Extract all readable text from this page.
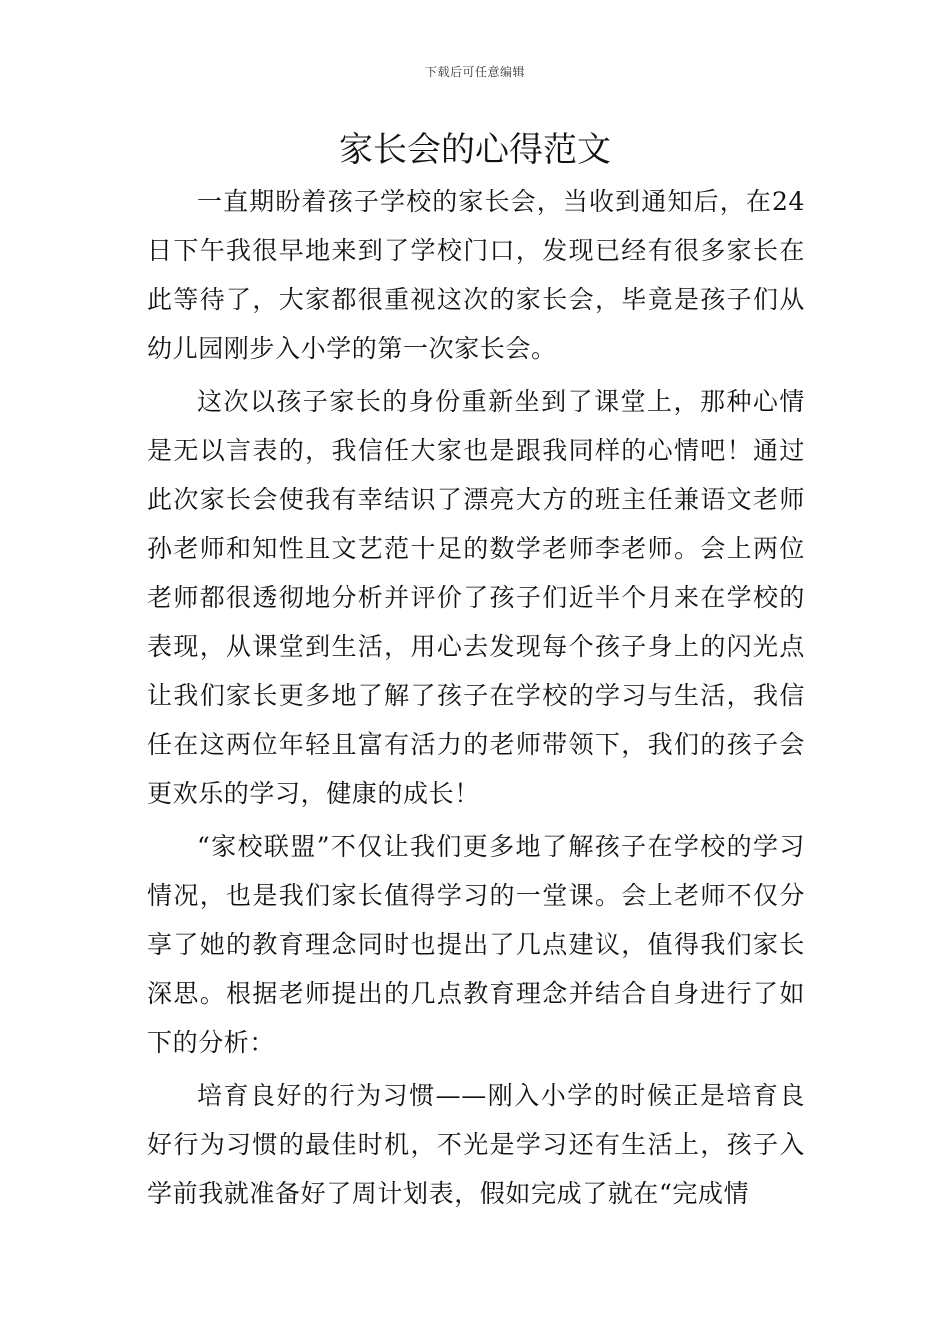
下载后可任意编辑
家长会的心得范文

一直期盼着孩子学校的家长会，当收到通知后，在24日下午我很早地来到了学校门口，发现已经有很多家长在此等待了，大家都很重视这次的家长会，毕竟是孩子们从幼儿园刚步入小学的第一次家长会。

这次以孩子家长的身份重新坐到了课堂上，那种心情是无以言表的，我信任大家也是跟我同样的心情吧！通过此次家长会使我有幸结识了漂亮大方的班主任兼语文老师孙老师和知性且文艺范十足的数学老师李老师。会上两位老师都很透彻地分析并评价了孩子们近半个月来在学校的表现，从课堂到生活，用心去发现每个孩子身上的闪光点让我们家长更多地了解了孩子在学校的学习与生活，我信任在这两位年轻且富有活力的老师带领下，我们的孩子会更欢乐的学习，健康的成长！

“家校联盟”不仅让我们更多地了解孩子在学校的学习情况，也是我们家长值得学习的一堂课。会上老师不仅分享了她的教育理念同时也提出了几点建议，值得我们家长深思。根据老师提出的几点教育理念并结合自身进行了如下的分析：

培育良好的行为习惯——刚入小学的时候正是培育良好行为习惯的最佳时机，不光是学习还有生活上，孩子入学前我就准备好了周计划表，假如完成了就在“完成情
